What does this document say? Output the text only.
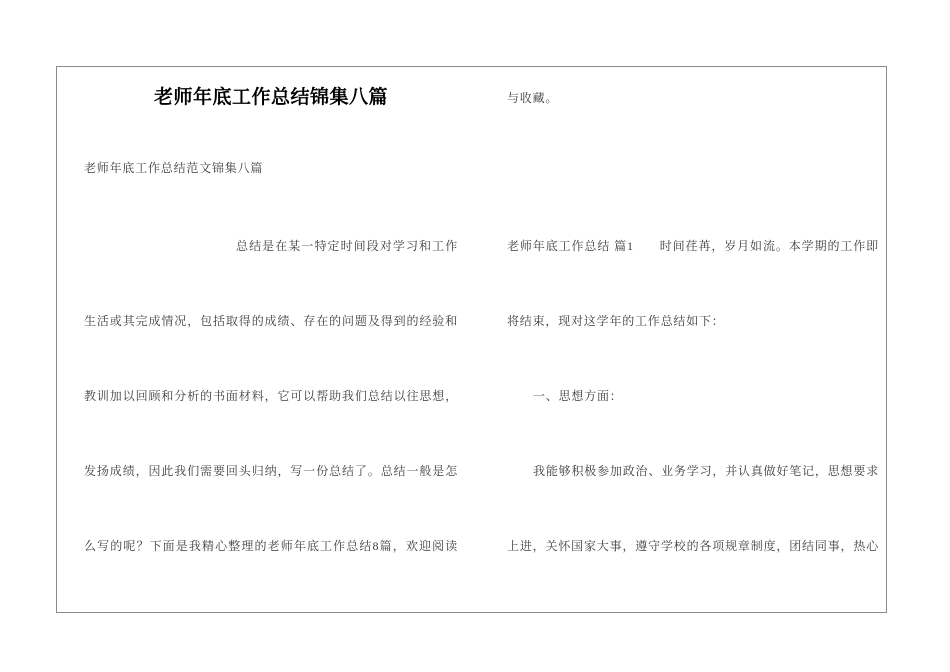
老师年底工作总结锦集八篇
老师年底工作总结范文锦集八篇
总结是在某一特定时间段对学习和工作
生活或其完成情况，包括取得的成绩、存在的问题及得到的经验和
教训加以回顾和分析的书面材料，它可以帮助我们总结以往思想，
发扬成绩，因此我们需要回头归纳，写一份总结了。总结一般是怎
么写的呢？下面是我精心整理的老师年底工作总结8篇，欢迎阅读
与收藏。
老师年底工作总结 篇1　　时间荏苒，岁月如流。本学期的工作即
将结束，现对这学年的工作总结如下：
一、思想方面：
我能够积极参加政治、业务学习，并认真做好笔记，思想要求
上进，关怀国家大事，遵守学校的各项规章制度，团结同事，热心
